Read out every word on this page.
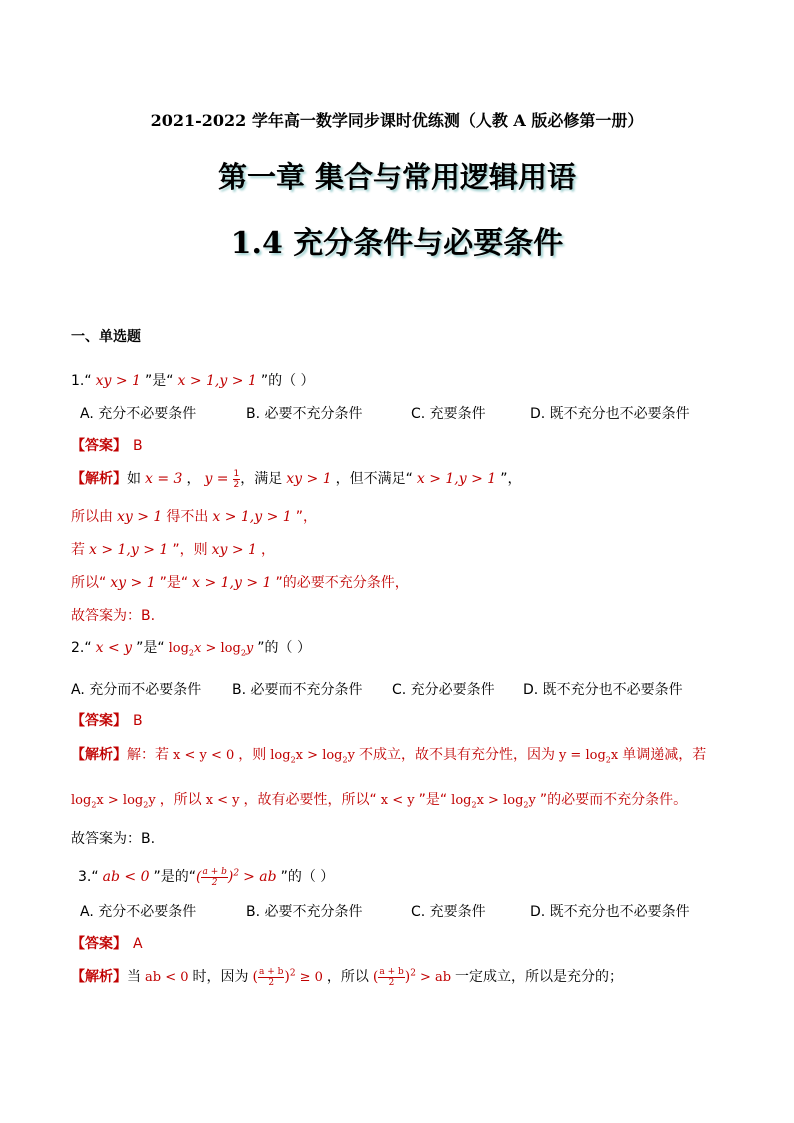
2021-2022 学年高一数学同步课时优练测（人教 A 版必修第一册）
第一章 集合与常用逻辑用语
1.4 充分条件与必要条件
一、单选题
1.“ xy > 1 ”是“ x > 1,y > 1 ”的（ ）
A. 充分不必要条件	B. 必要不充分条件	C. 充要条件	D. 既不充分也不必要条件
【答案】 B
【解析】如 x = 3 ， $y = \frac{1}{2}$ ，满足 xy > 1 ，但不满足“ x > 1,y > 1 ”，
所以由 xy > 1 得不出 x > 1,y > 1 ”，
若 x > 1,y > 1 ”，则 xy > 1 ，
所以“ xy > 1 ”是“ x > 1,y > 1 ”的必要不充分条件，
故答案为：B.
2.“ x < y ”是“ $\log_2x > \log_2y$ ”的（ ）
A. 充分而不必要条件 B. 必要而不充分条件 C. 充分必要条件 D. 既不充分也不必要条件
【答案】 B
【解析】解：若 x < y < 0 ，则 $\log_2x > \log_2y$ 不成立，故不具有充分性，因为 $y = \log_2x$ 单调递减，若
$\log_2x > \log_2y$ ，所以 x < y ，故有必要性，所以“ x < y ”是“ $\log_2x > \log_2y$ ”的必要而不充分条件。
故答案为：B.
3.“ ab < 0 ”是的“( $\frac{a + b}{2} )^2$ > ab ”的（ ）
A. 充分不必要条件	B. 必要不充分条件	C. 充要条件	D. 既不充分也不必要条件
【答案】 A
【解析】当 ab < 0 时，因为 ( $\frac{a + b}{2} )^2 \ge 0$ ，所以 ( $\frac{a + b}{2} )^2$ > ab 一定成立，所以是充分的；
